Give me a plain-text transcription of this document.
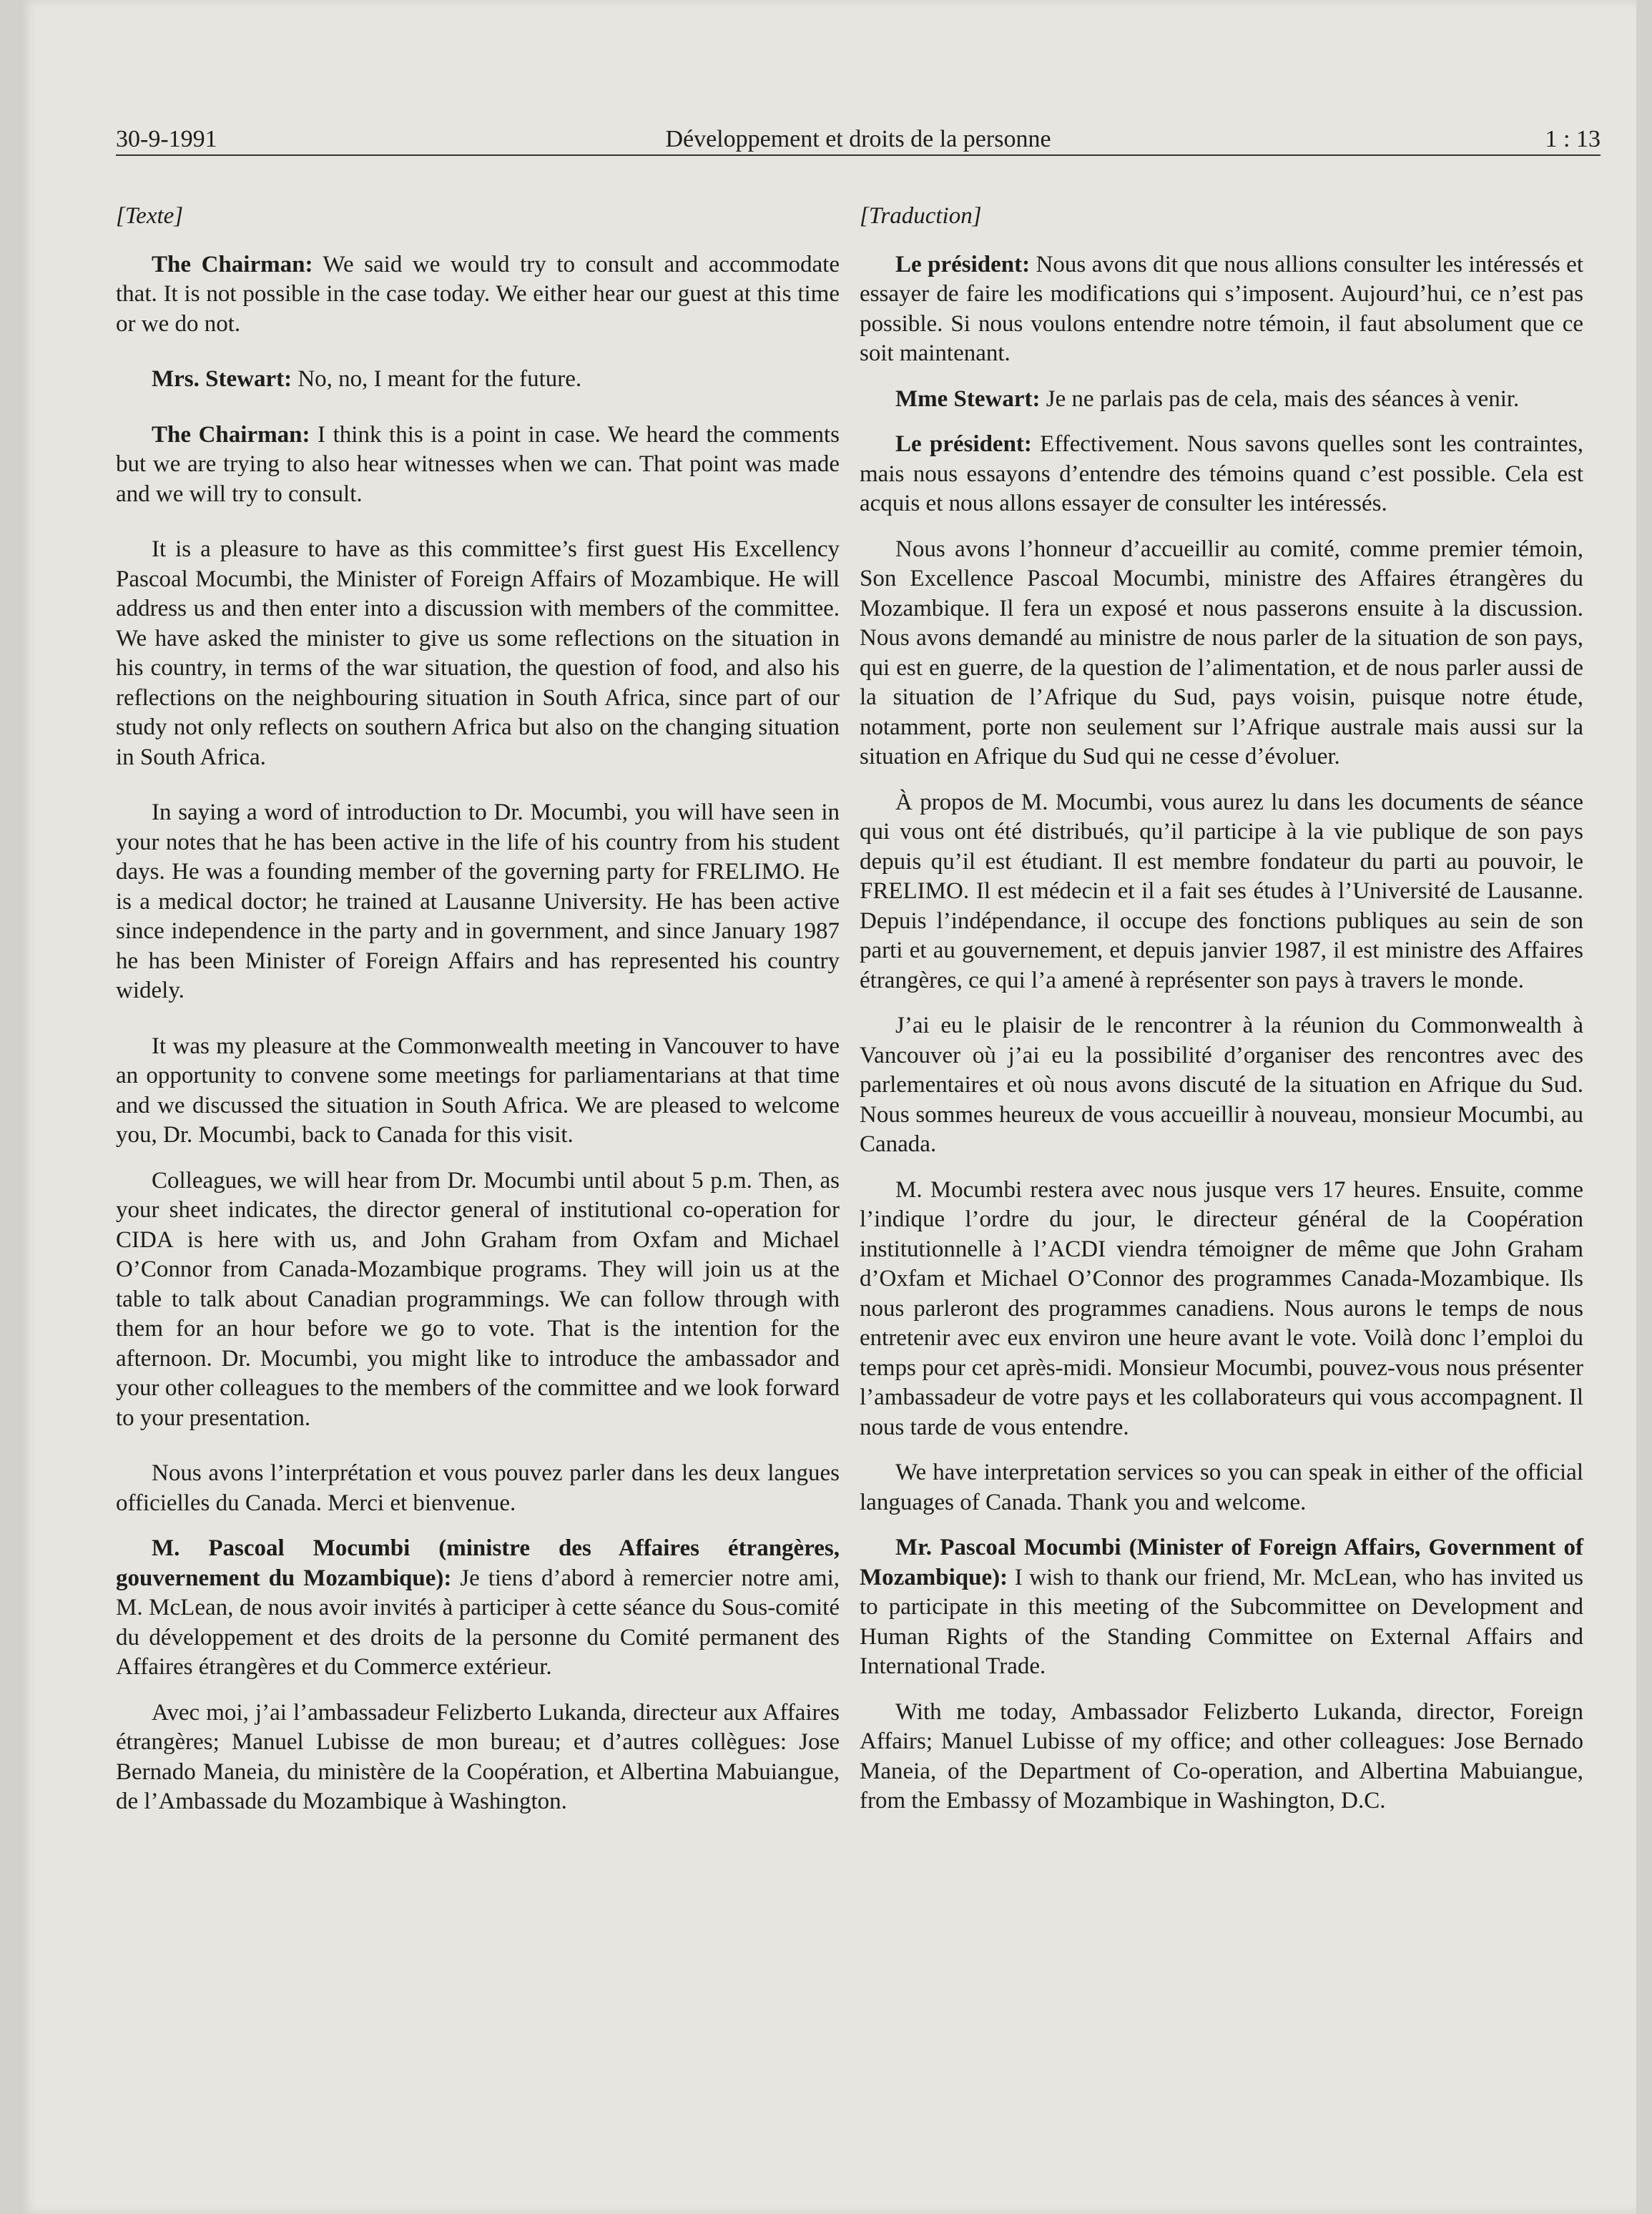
30-9-1991	Développement et droits de la personne	1 : 13

[Texte]

The Chairman: We said we would try to consult and accommodate that. It is not possible in the case today. We either hear our guest at this time or we do not.

Mrs. Stewart: No, no, I meant for the future.

The Chairman: I think this is a point in case. We heard the comments but we are trying to also hear witnesses when we can. That point was made and we will try to consult.

It is a pleasure to have as this committee’s first guest His Excellency Pascoal Mocumbi, the Minister of Foreign Affairs of Mozambique. He will address us and then enter into a discussion with members of the committee. We have asked the minister to give us some reflections on the situation in his country, in terms of the war situation, the question of food, and also his reflections on the neighbouring situation in South Africa, since part of our study not only reflects on southern Africa but also on the changing situation in South Africa.

In saying a word of introduction to Dr. Mocumbi, you will have seen in your notes that he has been active in the life of his country from his student days. He was a founding member of the governing party for FRELIMO. He is a medical doctor; he trained at Lausanne University. He has been active since independence in the party and in government, and since January 1987 he has been Minister of Foreign Affairs and has represented his country widely.

It was my pleasure at the Commonwealth meeting in Vancouver to have an opportunity to convene some meetings for parliamentarians at that time and we discussed the situation in South Africa. We are pleased to welcome you, Dr. Mocumbi, back to Canada for this visit.

Colleagues, we will hear from Dr. Mocumbi until about 5 p.m. Then, as your sheet indicates, the director general of institutional co-operation for CIDA is here with us, and John Graham from Oxfam and Michael O’Connor from Canada-Mozambique programs. They will join us at the table to talk about Canadian programmings. We can follow through with them for an hour before we go to vote. That is the intention for the afternoon. Dr. Mocumbi, you might like to introduce the ambassador and your other colleagues to the members of the committee and we look forward to your presentation.

Nous avons l’interprétation et vous pouvez parler dans les deux langues officielles du Canada. Merci et bienvenue.

M. Pascoal Mocumbi (ministre des Affaires étrangères, gouvernement du Mozambique): Je tiens d’abord à remercier notre ami, M. McLean, de nous avoir invités à participer à cette séance du Sous-comité du développement et des droits de la personne du Comité permanent des Affaires étrangères et du Commerce extérieur.

Avec moi, j’ai l’ambassadeur Felizberto Lukanda, directeur aux Affaires étrangères; Manuel Lubisse de mon bureau; et d’autres collègues: Jose Bernado Maneia, du ministère de la Coopération, et Albertina Mabuiangue, de l’Ambassade du Mozambique à Washington.

[Traduction]

Le président: Nous avons dit que nous allions consulter les intéressés et essayer de faire les modifications qui s’imposent. Aujourd’hui, ce n’est pas possible. Si nous voulons entendre notre témoin, il faut absolument que ce soit maintenant.

Mme Stewart: Je ne parlais pas de cela, mais des séances à venir.

Le président: Effectivement. Nous savons quelles sont les contraintes, mais nous essayons d’entendre des témoins quand c’est possible. Cela est acquis et nous allons essayer de consulter les intéressés.

Nous avons l’honneur d’accueillir au comité, comme premier témoin, Son Excellence Pascoal Mocumbi, ministre des Affaires étrangères du Mozambique. Il fera un exposé et nous passerons ensuite à la discussion. Nous avons demandé au ministre de nous parler de la situation de son pays, qui est en guerre, de la question de l’alimentation, et de nous parler aussi de la situation de l’Afrique du Sud, pays voisin, puisque notre étude, notamment, porte non seulement sur l’Afrique australe mais aussi sur la situation en Afrique du Sud qui ne cesse d’évoluer.

À propos de M. Mocumbi, vous aurez lu dans les documents de séance qui vous ont été distribués, qu’il participe à la vie publique de son pays depuis qu’il est étudiant. Il est membre fondateur du parti au pouvoir, le FRELIMO. Il est médecin et il a fait ses études à l’Université de Lausanne. Depuis l’indépendance, il occupe des fonctions publiques au sein de son parti et au gouvernement, et depuis janvier 1987, il est ministre des Affaires étrangères, ce qui l’a amené à représenter son pays à travers le monde.

J’ai eu le plaisir de le rencontrer à la réunion du Commonwealth à Vancouver où j’ai eu la possibilité d’organiser des rencontres avec des parlementaires et où nous avons discuté de la situation en Afrique du Sud. Nous sommes heureux de vous accueillir à nouveau, monsieur Mocumbi, au Canada.

M. Mocumbi restera avec nous jusque vers 17 heures. Ensuite, comme l’indique l’ordre du jour, le directeur général de la Coopération institutionnelle à l’ACDI viendra témoigner de même que John Graham d’Oxfam et Michael O’Connor des programmes Canada-Mozambique. Ils nous parleront des programmes canadiens. Nous aurons le temps de nous entretenir avec eux environ une heure avant le vote. Voilà donc l’emploi du temps pour cet après-midi. Monsieur Mocumbi, pouvez-vous nous présenter l’ambassadeur de votre pays et les collaborateurs qui vous accompagnent. Il nous tarde de vous entendre.

We have interpretation services so you can speak in either of the official languages of Canada. Thank you and welcome.

Mr. Pascoal Mocumbi (Minister of Foreign Affairs, Government of Mozambique): I wish to thank our friend, Mr. McLean, who has invited us to participate in this meeting of the Subcommittee on Development and Human Rights of the Standing Committee on External Affairs and International Trade.

With me today, Ambassador Felizberto Lukanda, director, Foreign Affairs; Manuel Lubisse of my office; and other colleagues: Jose Bernado Maneia, of the Department of Co-operation, and Albertina Mabuiangue, from the Embassy of Mozambique in Washington, D.C.
